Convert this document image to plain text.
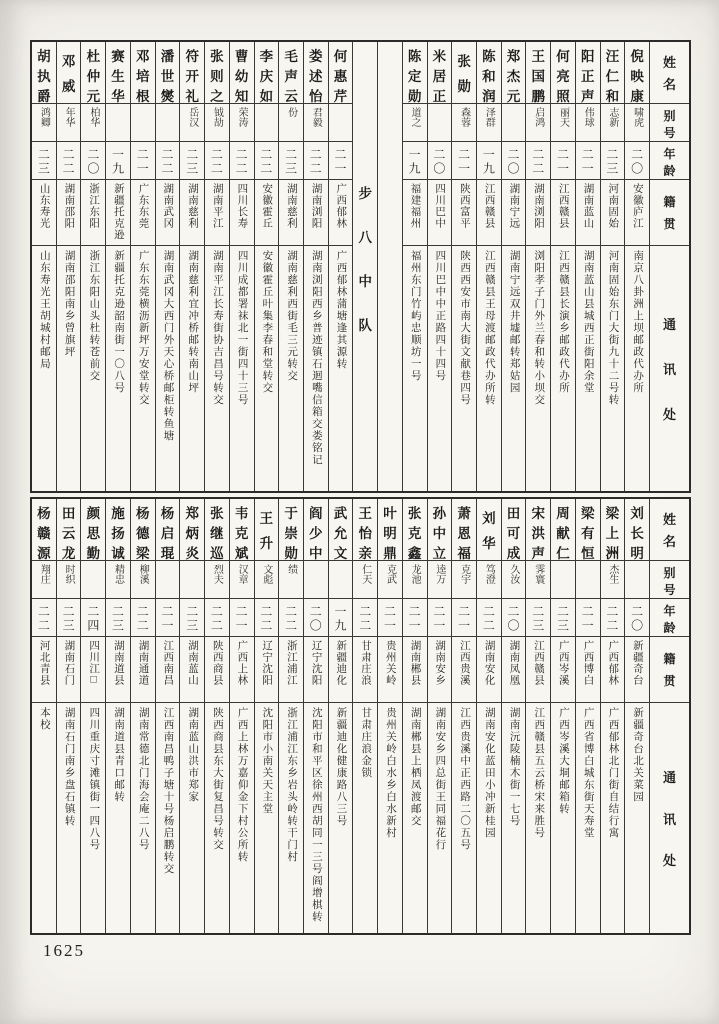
姓
名
别
号
年
龄
籍
贯
通
讯
处
倪
映
康
啸虎
二〇
安徽庐江
南京八卦洲上坝邮政代办所
汪
仁
和
志新
二三
河南固始
河南固始东门大街九十二号转
阳
正
声
伟球
二一
湖南蓝山
湖南蓝山县城西正街阳余堂
何
亮
照
丽天
二一
江西赣县
江西赣县长演乡邮政代办所
王
国
鹏
启鸿
二二
湖南浏阳
浏阳孝子门外兰春和转小坝交
郑
杰
元
二〇
湖南宁远
湖南宁远双井墟邮转郑姑园
陈
和
润
泽群
一九
江西赣县
江西赣县王母渡邮政代办所转
张
勋
森蓉
二一
陕西富平
陕西西安市南大街文献巷四号
米
居
正
二〇
四川巴中
四川巴中中正路四十四号
陈
定
勋
道之
一九
福建福州
福州东门竹屿忠顺坊一号
步
八
中
队
何
惠
芹
二一
广西郁林
广西郁林蒲塘逢其源转
娄
述
怡
君毅
二二
湖南浏阳
湖南浏阳西乡普迹镇石迴嘴信箱交娄铭记
毛
声
云
份
二三
湖南慈利
湖南慈利西街毛三元转交
李
庆
如
二二
安徽霍丘
安徽霍丘叶集李春和堂转交
曹
幼
知
荣涛
二二
四川长寿
四川成都署袜北一街四十三号
张
则
之
钺劼
二二
湖南平江
湖南平江长寿街协吉昌号转交
符
开
礼
岳汉
二三
湖南慈利
湖南慈利宜冲桥邮转南山坪
潘
世
爕
二二
湖南武冈
湖南武冈大西门外天心桥邮柜转鱼塘
邓
培
根
二一
广东东莞
广东东莞横沥新坪万安堂转交
赛
生
华
一九
新疆托克逊
新疆托克逊韶南街一〇八号
杜
仲
元
柏华
二〇
浙江东阳
浙江东阳山头杜转苍前交
邓
威
年华
二二
湖南邵阳
湖南邵阳南乡曾旗坪
胡
执
爵
鸿卿
二三
山东寿光
山东寿光王胡城村邮局
姓
名
别
号
年
龄
籍
贯
通
讯
处
刘
长
明
二〇
新疆奇台
新疆奇台北关菜园
梁
上
洲
杰生
二二
广西郁林
广西郁林北门街自结行寓
梁
有
恒
二一
广西博白
广西省博白城东街天寿堂
周
献
仁
二三
广西岑溪
广西岑溪大垌邮箱转
宋
洪
声
霁寰
二三
江西赣县
江西赣县五云桥宋来胜号
田
可
成
久汝
二〇
湖南凤凰
湖南沅陵楠木街一七号
刘
华
笃澄
二二
湖南安化
湖南安化蓝田小冲新桂园
萧
恩
福
克宇
二一
江西贵溪
江西贵溪中正西路二〇五号
孙
中
立
逵万
二一
湖南安乡
湖南安乡四总街王同福花行
张
克
鑫
龙池
二一
湖南郴县
湖南郴县上栖凤渡邮交
叶
明
鼎
克武
二一
贵州关岭
贵州关岭白水乡白水新村
王
怡
亲
仁天
二二
甘肃庄浪
甘肃庄浪金锁
武
允
文
一九
新疆迪化
新疆迪化健康路八三号
阎
少
中
二〇
辽宁沈阳
沈阳市和平区徐州西胡同一三号阎增棋转
于
崇
勋
绩
二二
浙江浦江
浙江浦江东乡岩头岭转干门村
王
升
文彪
二二
辽宁沈阳
沈阳市小南关天主堂
韦
克
斌
汉章
二一
广西上林
广西上林万嘉仰金下村公所转
张
继
巡
烈夫
二二
陕西商县
陕西商县东大街复昌号转交
郑
炳
炎
二三
湖南蓝山
湖南蓝山洪市郑家
杨
启
琨
二一
江西南昌
江西南昌鸭子塘十号杨启鹏转交
杨
德
梁
柳溪
二二
湖南通道
湖南常德北门海会庵二八号
施
扬
诚
精忠
二三
湖南道县
湖南道县青口邮转
颜
思
勤
二四
四川江□
四川重庆寸滩镇街一四八号
田
云
龙
时织
二三
湖南石门
湖南石门南乡盘石镇转
杨
赣
源
翔庄
二二
河北青县
本校
1625
